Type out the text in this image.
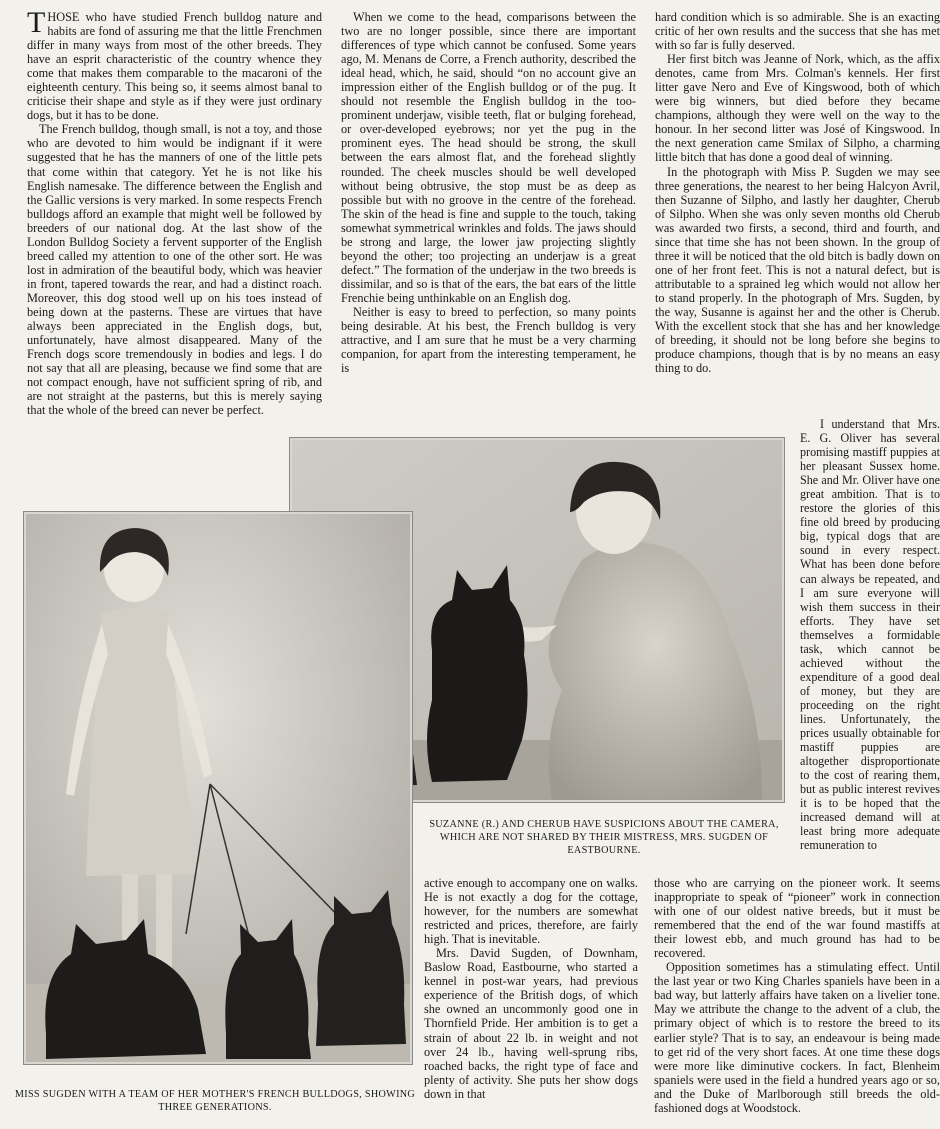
THOSE who have studied French bulldog nature and habits are fond of assuring me that the little Frenchmen differ in many ways from most of the other breeds. They have an esprit characteristic of the country whence they come that makes them comparable to the macaroni of the eighteenth century. This being so, it seems almost banal to criticise their shape and style as if they were just ordinary dogs, but it has to be done.

The French bulldog, though small, is not a toy, and those who are devoted to him would be indignant if it were suggested that he has the manners of one of the little pets that come within that category. Yet he is not like his English namesake. The difference between the English and the Gallic versions is very marked. In some respects French bulldogs afford an example that might well be followed by breeders of our national dog. At the last show of the London Bulldog Society a fervent supporter of the English breed called my attention to one of the other sort. He was lost in admiration of the beautiful body, which was heavier in front, tapered towards the rear, and had a distinct roach. Moreover, this dog stood well up on his toes instead of being down at the pasterns. These are virtues that have always been appreciated in the English dogs, but, unfortunately, have almost disappeared. Many of the French dogs score tremendously in bodies and legs. I do not say that all are pleasing, because we find some that are not compact enough, have not sufficient spring of rib, and are not straight at the pasterns, but this is merely saying that the whole of the breed can never be perfect.

When we come to the head, comparisons between the two are no longer possible, since there are important differences of type which cannot be confused. Some years ago, M. Menans de Corre, a French authority, described the ideal head, which, he said, should “on no account give an impression either of the English bulldog or of the pug. It should not resemble the English bulldog in the too-prominent underjaw, visible teeth, flat or bulging forehead, or over-developed eyebrows; nor yet the pug in the prominent eyes. The head should be strong, the skull between the ears almost flat, and the forehead slightly rounded. The cheek muscles should be well developed without being obtrusive, the stop must be as deep as possible but with no groove in the centre of the forehead. The skin of the head is fine and supple to the touch, taking somewhat symmetrical wrinkles and folds. The jaws should be strong and large, the lower jaw projecting slightly beyond the other; too projecting an underjaw is a great defect.” The formation of the underjaw in the two breeds is dissimilar, and so is that of the ears, the bat ears of the little Frenchie being unthinkable on an English dog.

Neither is easy to breed to perfection, so many points being desirable. At his best, the French bulldog is very attractive, and I am sure that he must be a very charming companion, for apart from the interesting temperament, he is

hard condition which is so admirable. She is an exacting critic of her own results and the success that she has met with so far is fully deserved.

Her first bitch was Jeanne of Nork, which, as the affix denotes, came from Mrs. Colman's kennels. Her first litter gave Nero and Eve of Kingswood, both of which were big winners, but died before they became champions, although they were well on the way to the honour. In her second litter was José of Kingswood. In the next generation came Smilax of Silpho, a charming little bitch that has done a good deal of winning.

In the photograph with Miss P. Sugden we may see three generations, the nearest to her being Halcyon Avril, then Suzanne of Silpho, and lastly her daughter, Cherub of Silpho. When she was only seven months old Cherub was awarded two firsts, a second, third and fourth, and since that time she has not been shown. In the group of three it will be noticed that the old bitch is badly down on one of her front feet. This is not a natural defect, but is attributable to a sprained leg which would not allow her to stand properly. In the photograph of Mrs. Sugden, by the way, Susanne is against her and the other is Cherub. With the excellent stock that she has and her knowledge of breeding, it should not be long before she begins to produce champions, though that is by no means an easy thing to do.

I understand that Mrs. E. G. Oliver has several promising mastiff puppies at her pleasant Sussex home. She and Mr. Oliver have one great ambition. That is to restore the glories of this fine old breed by producing big, typical dogs that are sound in every respect. What has been done before can always be repeated, and I am sure everyone will wish them success in their efforts. They have set themselves a formidable task, which cannot be achieved without the expenditure of a good deal of money, but they are proceeding on the right lines. Unfortunately, the prices usually obtainable for mastiff puppies are altogether disproportionate to the cost of rearing them, but as public interest revives it is to be hoped that the increased demand will at least bring more adequate remuneration to

active enough to accompany one on walks. He is not exactly a dog for the cottage, however, for the numbers are somewhat restricted and prices, therefore, are fairly high. That is inevitable.

Mrs. David Sugden, of Downham, Baslow Road, Eastbourne, who started a kennel in post-war years, had previous experience of the British dogs, of which she owned an uncommonly good one in Thornfield Pride. Her ambition is to get a strain of about 22 lb. in weight and not over 24 lb., having well-sprung ribs, roached backs, the right type of face and plenty of activity. She puts her show dogs down in that

those who are carrying on the pioneer work. It seems inappropriate to speak of “pioneer” work in connection with one of our oldest native breeds, but it must be remembered that the end of the war found mastiffs at their lowest ebb, and much ground has had to be recovered.

Opposition sometimes has a stimulating effect. Until the last year or two King Charles spaniels have been in a bad way, but latterly affairs have taken on a livelier tone. May we attribute the change to the advent of a club, the primary object of which is to restore the breed to its earlier style? That is to say, an endeavour is being made to get rid of the very short faces. At one time these dogs were more like diminutive cockers. In fact, Blenheim spaniels were used in the field a hundred years ago or so, and the Duke of Marlborough still breeds the old-fashioned dogs at Woodstock.

SUZANNE (R.) AND CHERUB HAVE SUSPICIONS ABOUT THE CAMERA, WHICH ARE NOT SHARED BY THEIR MISTRESS, MRS. SUGDEN OF EASTBOURNE.
MISS SUGDEN WITH A TEAM OF HER MOTHER'S FRENCH BULLDOGS, SHOWING THREE GENERATIONS.
